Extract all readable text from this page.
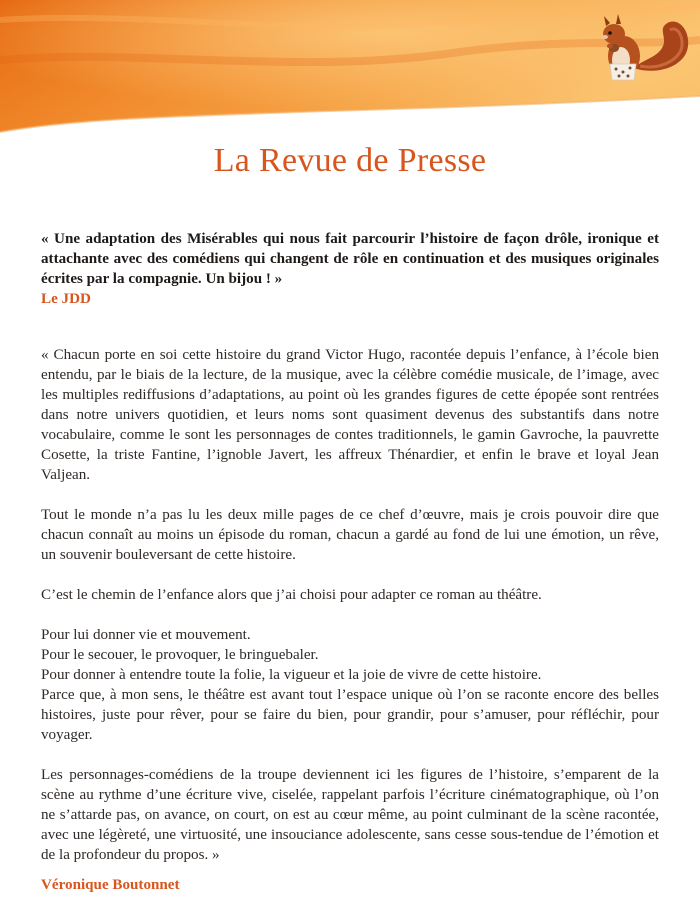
La Revue de Presse
« Une adaptation des Misérables qui nous fait parcourir l’histoire de façon drôle, ironique et attachante avec des comédiens qui changent de rôle en continuation et des musiques originales écrites par la compagnie. Un bijou ! »
Le JDD

« Chacun porte en soi cette histoire du grand Victor Hugo, racontée depuis l’enfance, à l’école bien entendu, par le biais de la lecture, de la musique, avec la célèbre comédie musicale, de l’image, avec les multiples rediffusions d’adaptations, au point où les grandes figures de cette épopée sont rentrées dans notre univers quotidien, et leurs noms sont quasiment devenus des substantifs dans notre vocabulaire, comme le sont les personnages de contes traditionnels, le gamin Gavroche, la pauvrette Cosette, la triste Fantine, l’ignoble Javert, les affreux Thénardier, et enfin le brave et loyal Jean Valjean.

Tout le monde n’a pas lu les deux mille pages de ce chef d’œuvre, mais je crois pouvoir dire que chacun connaît au moins un épisode du roman, chacun a gardé au fond de lui une émotion, un rêve, un souvenir bouleversant de cette histoire.

C’est le chemin de l’enfance alors que j’ai choisi pour adapter ce roman au théâtre.

Pour lui donner vie et mouvement.
Pour le secouer, le provoquer, le bringuebaler.
Pour donner à entendre toute la folie, la vigueur et la joie de vivre de cette histoire.
Parce que, à mon sens, le théâtre est avant tout l’espace unique où l’on se raconte encore des belles histoires, juste pour rêver, pour se faire du bien, pour grandir, pour s’amuser, pour réfléchir, pour voyager.

Les personnages-comédiens de la troupe deviennent ici les figures de l’histoire, s’emparent de la scène au rythme d’une écriture vive, ciselée, rappelant parfois l’écriture cinématographique, où l’on ne s’attarde pas, on avance, on court, on est au cœur même, au point culminant de la scène racontée, avec une légèreté, une virtuosité, une insouciance adolescente, sans cesse sous-tendue de l’émotion et de la profondeur du propos. »

Véronique Boutonnet
